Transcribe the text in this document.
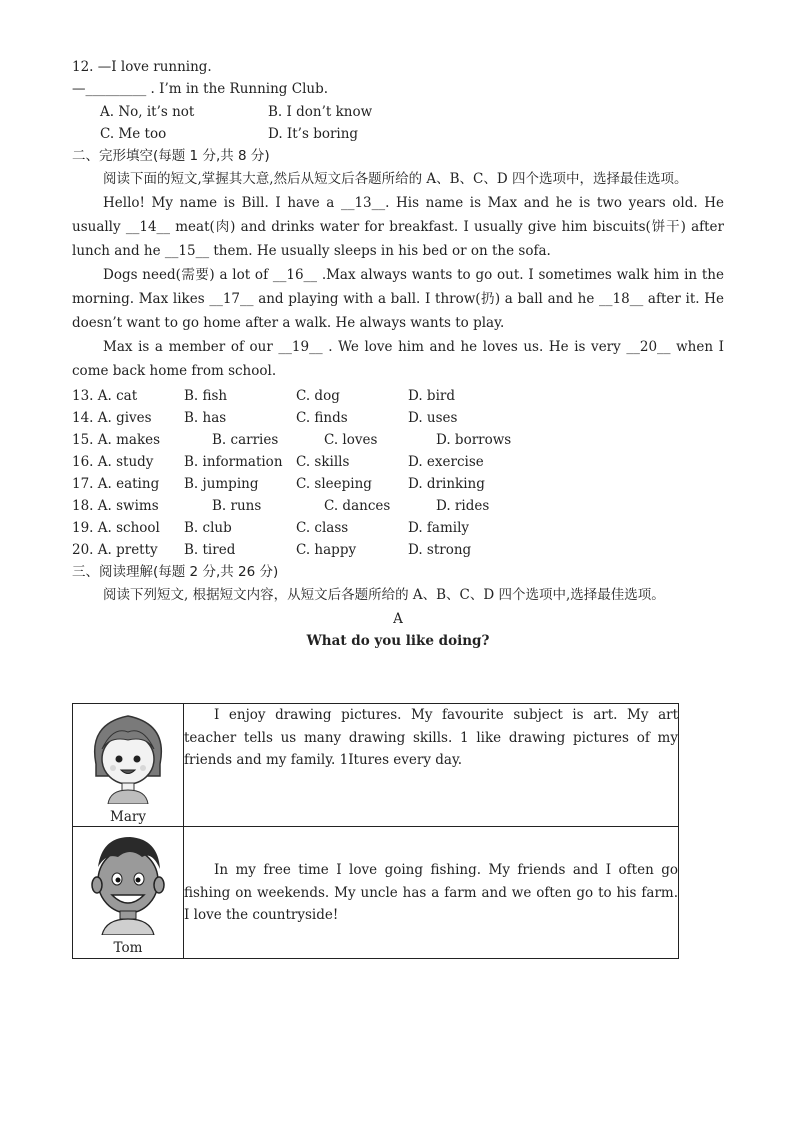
12. —I love running.
—_________ . I’m in the Running Club.
A. No, it’s not	B. I don’t know
C. Me too	D. It’s boring
二、完形填空(每题 1 分,共 8 分)
阅读下面的短文,掌握其大意,然后从短文后各题所给的 A、B、C、D 四个选项中，选择最佳选项。
Hello! My name is Bill. I have a __13__. His name is Max and he is two years old. He usually __14__ meat(肉) and drinks water for breakfast. I usually give him biscuits(饼干) after lunch and he __15__ them. He usually sleeps in his bed or on the sofa.
Dogs need(需要) a lot of __16__ .Max always wants to go out. I sometimes walk him in the morning. Max likes __17__ and playing with a ball. I throw(扔) a ball and he __18__ after it. He doesn’t want to go home after a walk. He always wants to play.
Max is a member of our __19__ . We love him and he loves us. He is very __20__ when I come back home from school.
13. A. cat	B. fish	C. dog	D. bird
14. A. gives B. has	C. finds	D. uses
15. A. makes	B. carries	C. loves	D. borrows
16. A. study B. information C. skills	D. exercise
17. A. eating B. jumping	C. sleeping	D. drinking
18. A. swims	B. runs	C. dances	D. rides
19. A. school B. club	C. class	D. family
20. A. pretty B. tired	C. happy	D. strong
三、阅读理解(每题 2 分,共 26 分)
阅读下列短文, 根据短文内容，从短文后各题所给的 A、B、C、D 四个选项中,选择最佳选项。
A
What do you like doing?
Mary	I enjoy drawing pictures. My favourite subject is art. My art teacher tells us many drawing skills. 1 like drawing pictures of my friends and my family. 1Itures every day.

Tom	In my free time I love going fishing. My friends and I often go fishing on weekends. My uncle has a farm and we often go to his farm. I love the countryside!
